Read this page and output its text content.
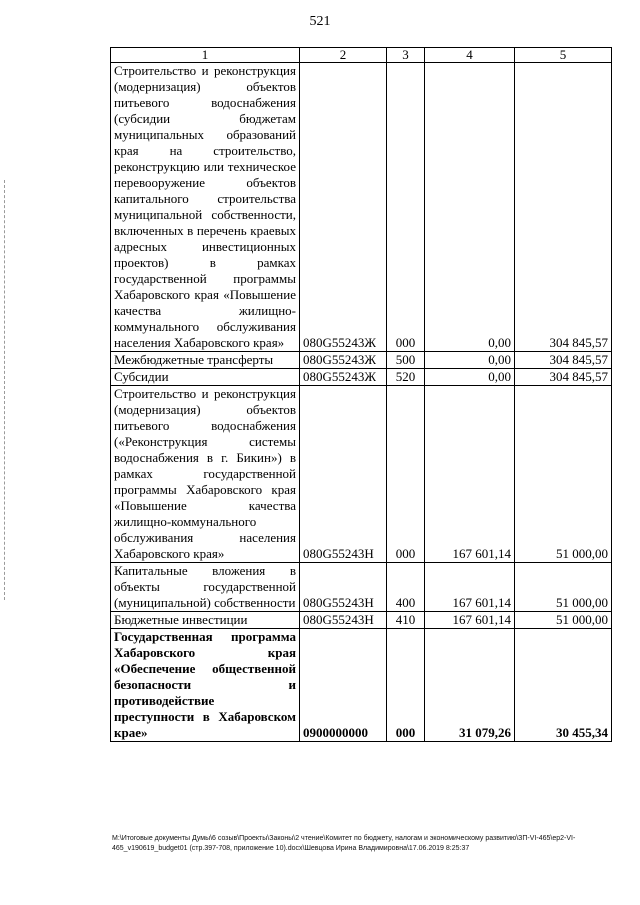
521
1	2	3	4	5
Строительство и реконструкция (модернизация) объектов питьевого водоснабжения (субсидии бюджетам муниципальных образований края на строительство, реконструкцию или техническое перевооружение объектов капитального строительства муниципальной собственности, включенных в перечень краевых адресных инвестиционных проектов) в рамках государственной программы Хабаровского края «Повышение качества жилищно-коммунального обслуживания населения Хабаровского края»	080G55243Ж	000	0,00	304 845,57
Межбюджетные трансферты	080G55243Ж	500	0,00	304 845,57
Субсидии	080G55243Ж	520	0,00	304 845,57
Строительство и реконструкция (модернизация) объектов питьевого водоснабжения («Реконструкция системы водоснабжения в г. Бикин») в рамках государственной программы Хабаровского края «Повышение качества жилищно-коммунального обслуживания населения Хабаровского края»	080G55243Н	000	167 601,14	51 000,00
Капитальные вложения в объекты государственной (муниципальной) собственности	080G55243Н	400	167 601,14	51 000,00
Бюджетные инвестиции	080G55243Н	410	167 601,14	51 000,00
Государственная программа Хабаровского края «Обеспечение общественной безопасности и противодействие преступности в Хабаровском крае»	0900000000	000	31 079,26	30 455,34
М:\Итоговые документы Думы\6 созыв\Проекты\Законы\2 чтение\Комитет по бюджету, налогам и экономическому развитию\ЗП-VI-465\ер2-VI-465_v190619_budget01 (стр.397-708, приложение 10).docx\Шевцова Ирина Владимировна\17.06.2019 8:25:37
